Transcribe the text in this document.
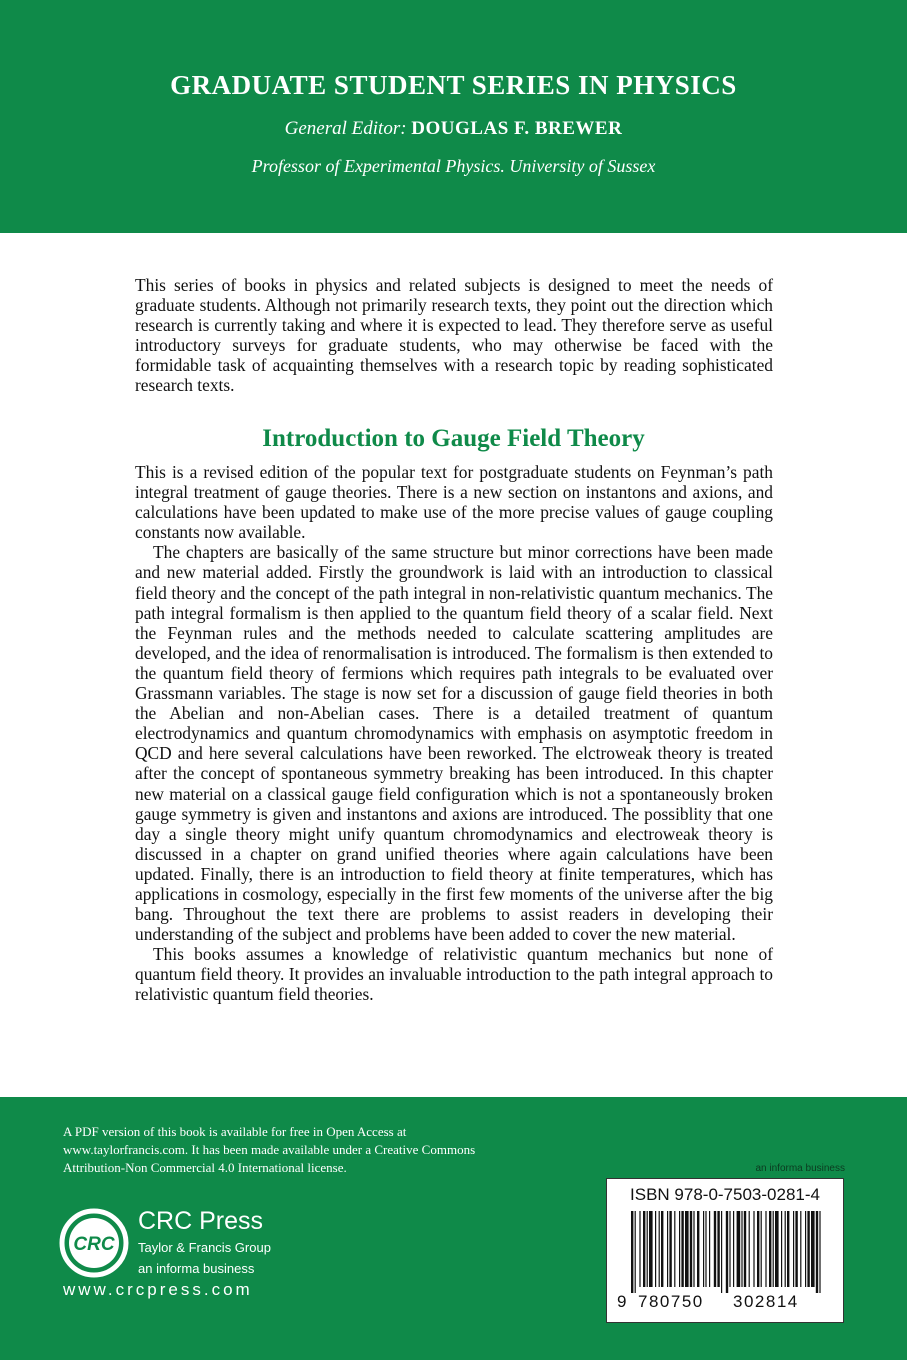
GRADUATE STUDENT SERIES IN PHYSICS
General Editor: DOUGLAS F. BREWER
Professor of Experimental Physics. University of Sussex
This series of books in physics and related subjects is designed to meet the needs of graduate students. Although not primarily research texts, they point out the direction which research is currently taking and where it is expected to lead. They therefore serve as useful introductory surveys for graduate students, who may otherwise be faced with the formidable task of acquainting themselves with a research topic by reading sophisticated research texts.
Introduction to Gauge Field Theory

This is a revised edition of the popular text for postgraduate students on Feynman’s path integral treatment of gauge theories. There is a new section on instantons and axions, and calculations have been updated to make use of the more precise values of gauge coupling constants now available.

The chapters are basically of the same structure but minor corrections have been made and new material added. Firstly the groundwork is laid with an introduction to classical field theory and the concept of the path integral in non-relativistic quantum mechanics. The path integral formalism is then applied to the quantum field theory of a scalar field. Next the Feynman rules and the methods needed to calculate scattering amplitudes are developed, and the idea of renormalisation is introduced. The formalism is then extended to the quantum field theory of fermions which requires path integrals to be evaluated over Grassmann variables. The stage is now set for a discussion of gauge field theories in both the Abelian and non-Abelian cases. There is a detailed treatment of quantum electrodynamics and quantum chromodynamics with emphasis on asymptotic freedom in QCD and here several calculations have been reworked. The elctroweak theory is treated after the concept of spontaneous symmetry breaking has been introduced. In this chapter new material on a classical gauge field configuration which is not a spontaneously broken gauge symmetry is given and instantons and axions are introduced. The possiblity that one day a single theory might unify quantum chromodynamics and electroweak theory is discussed in a chapter on grand unified theories where again calculations have been updated. Finally, there is an introduction to field theory at finite temperatures, which has applications in cosmology, especially in the first few moments of the universe after the big bang. Throughout the text there are problems to assist readers in developing their understanding of the subject and problems have been added to cover the new material.

This books assumes a knowledge of relativistic quantum mechanics but none of quantum field theory. It provides an invaluable introduction to the path integral approach to relativistic quantum field theories.

A PDF version of this book is available for free in Open Access at www.taylorfrancis.com. It has been made available under a Creative Commons Attribution-Non Commercial 4.0 International license.
CRC
CRC Press
Taylor & Francis Group
an informa business
www.crcpress.com
an informa business
ISBN 978-0-7503-0281-4
9 780750 302814
